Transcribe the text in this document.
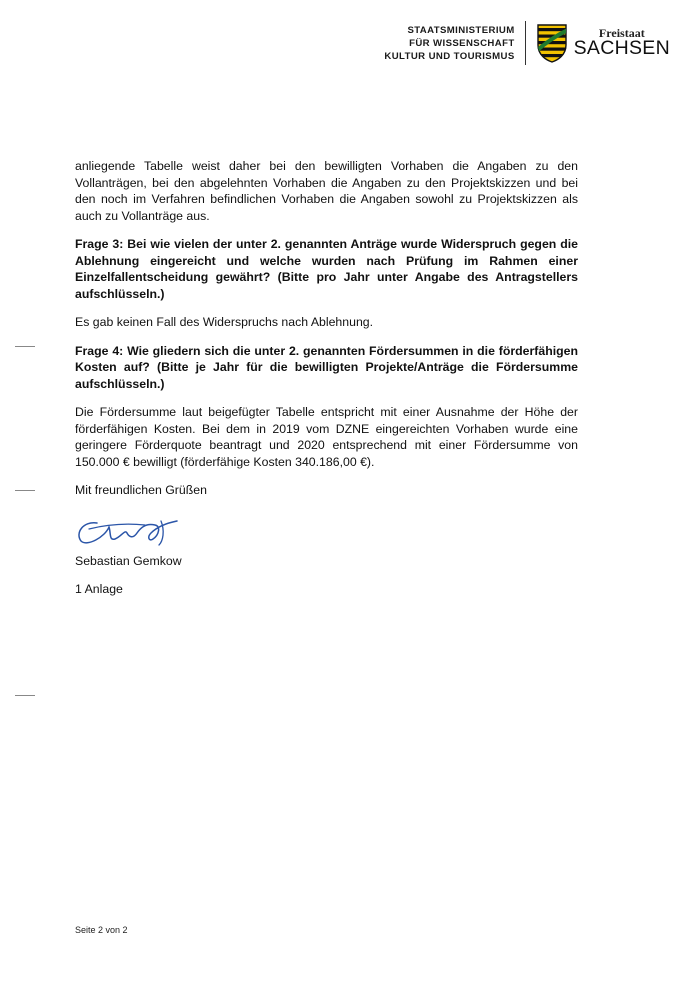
STAATSMINISTERIUM
FÜR WISSENSCHAFT
KULTUR UND TOURISMUS
Freistaat
SACHSEN

anliegende Tabelle weist daher bei den bewilligten Vorhaben die Angaben zu den Vollanträgen, bei den abgelehnten Vorhaben die Angaben zu den Projektskizzen und bei den noch im Verfahren befindlichen Vorhaben die Angaben sowohl zu Projektskizzen als auch zu Vollanträge aus.

Frage 3: Bei wie vielen der unter 2. genannten Anträge wurde Widerspruch gegen die Ablehnung eingereicht und welche wurden nach Prüfung im Rahmen einer Einzelfallentscheidung gewährt? (Bitte pro Jahr unter Angabe des Antragstellers aufschlüsseln.)

Es gab keinen Fall des Widerspruchs nach Ablehnung.

Frage 4: Wie gliedern sich die unter 2. genannten Fördersummen in die förderfähigen Kosten auf? (Bitte je Jahr für die bewilligten Projekte/Anträge die Fördersumme aufschlüsseln.)

Die Fördersumme laut beigefügter Tabelle entspricht mit einer Ausnahme der Höhe der förderfähigen Kosten. Bei dem in 2019 vom DZNE eingereichten Vorhaben wurde eine geringere Förderquote beantragt und 2020 entsprechend mit einer Fördersumme von 150.000 € bewilligt (förderfähige Kosten 340.186,00 €).

Mit freundlichen Grüßen

Sebastian Gemkow

1 Anlage

Seite 2 von 2
